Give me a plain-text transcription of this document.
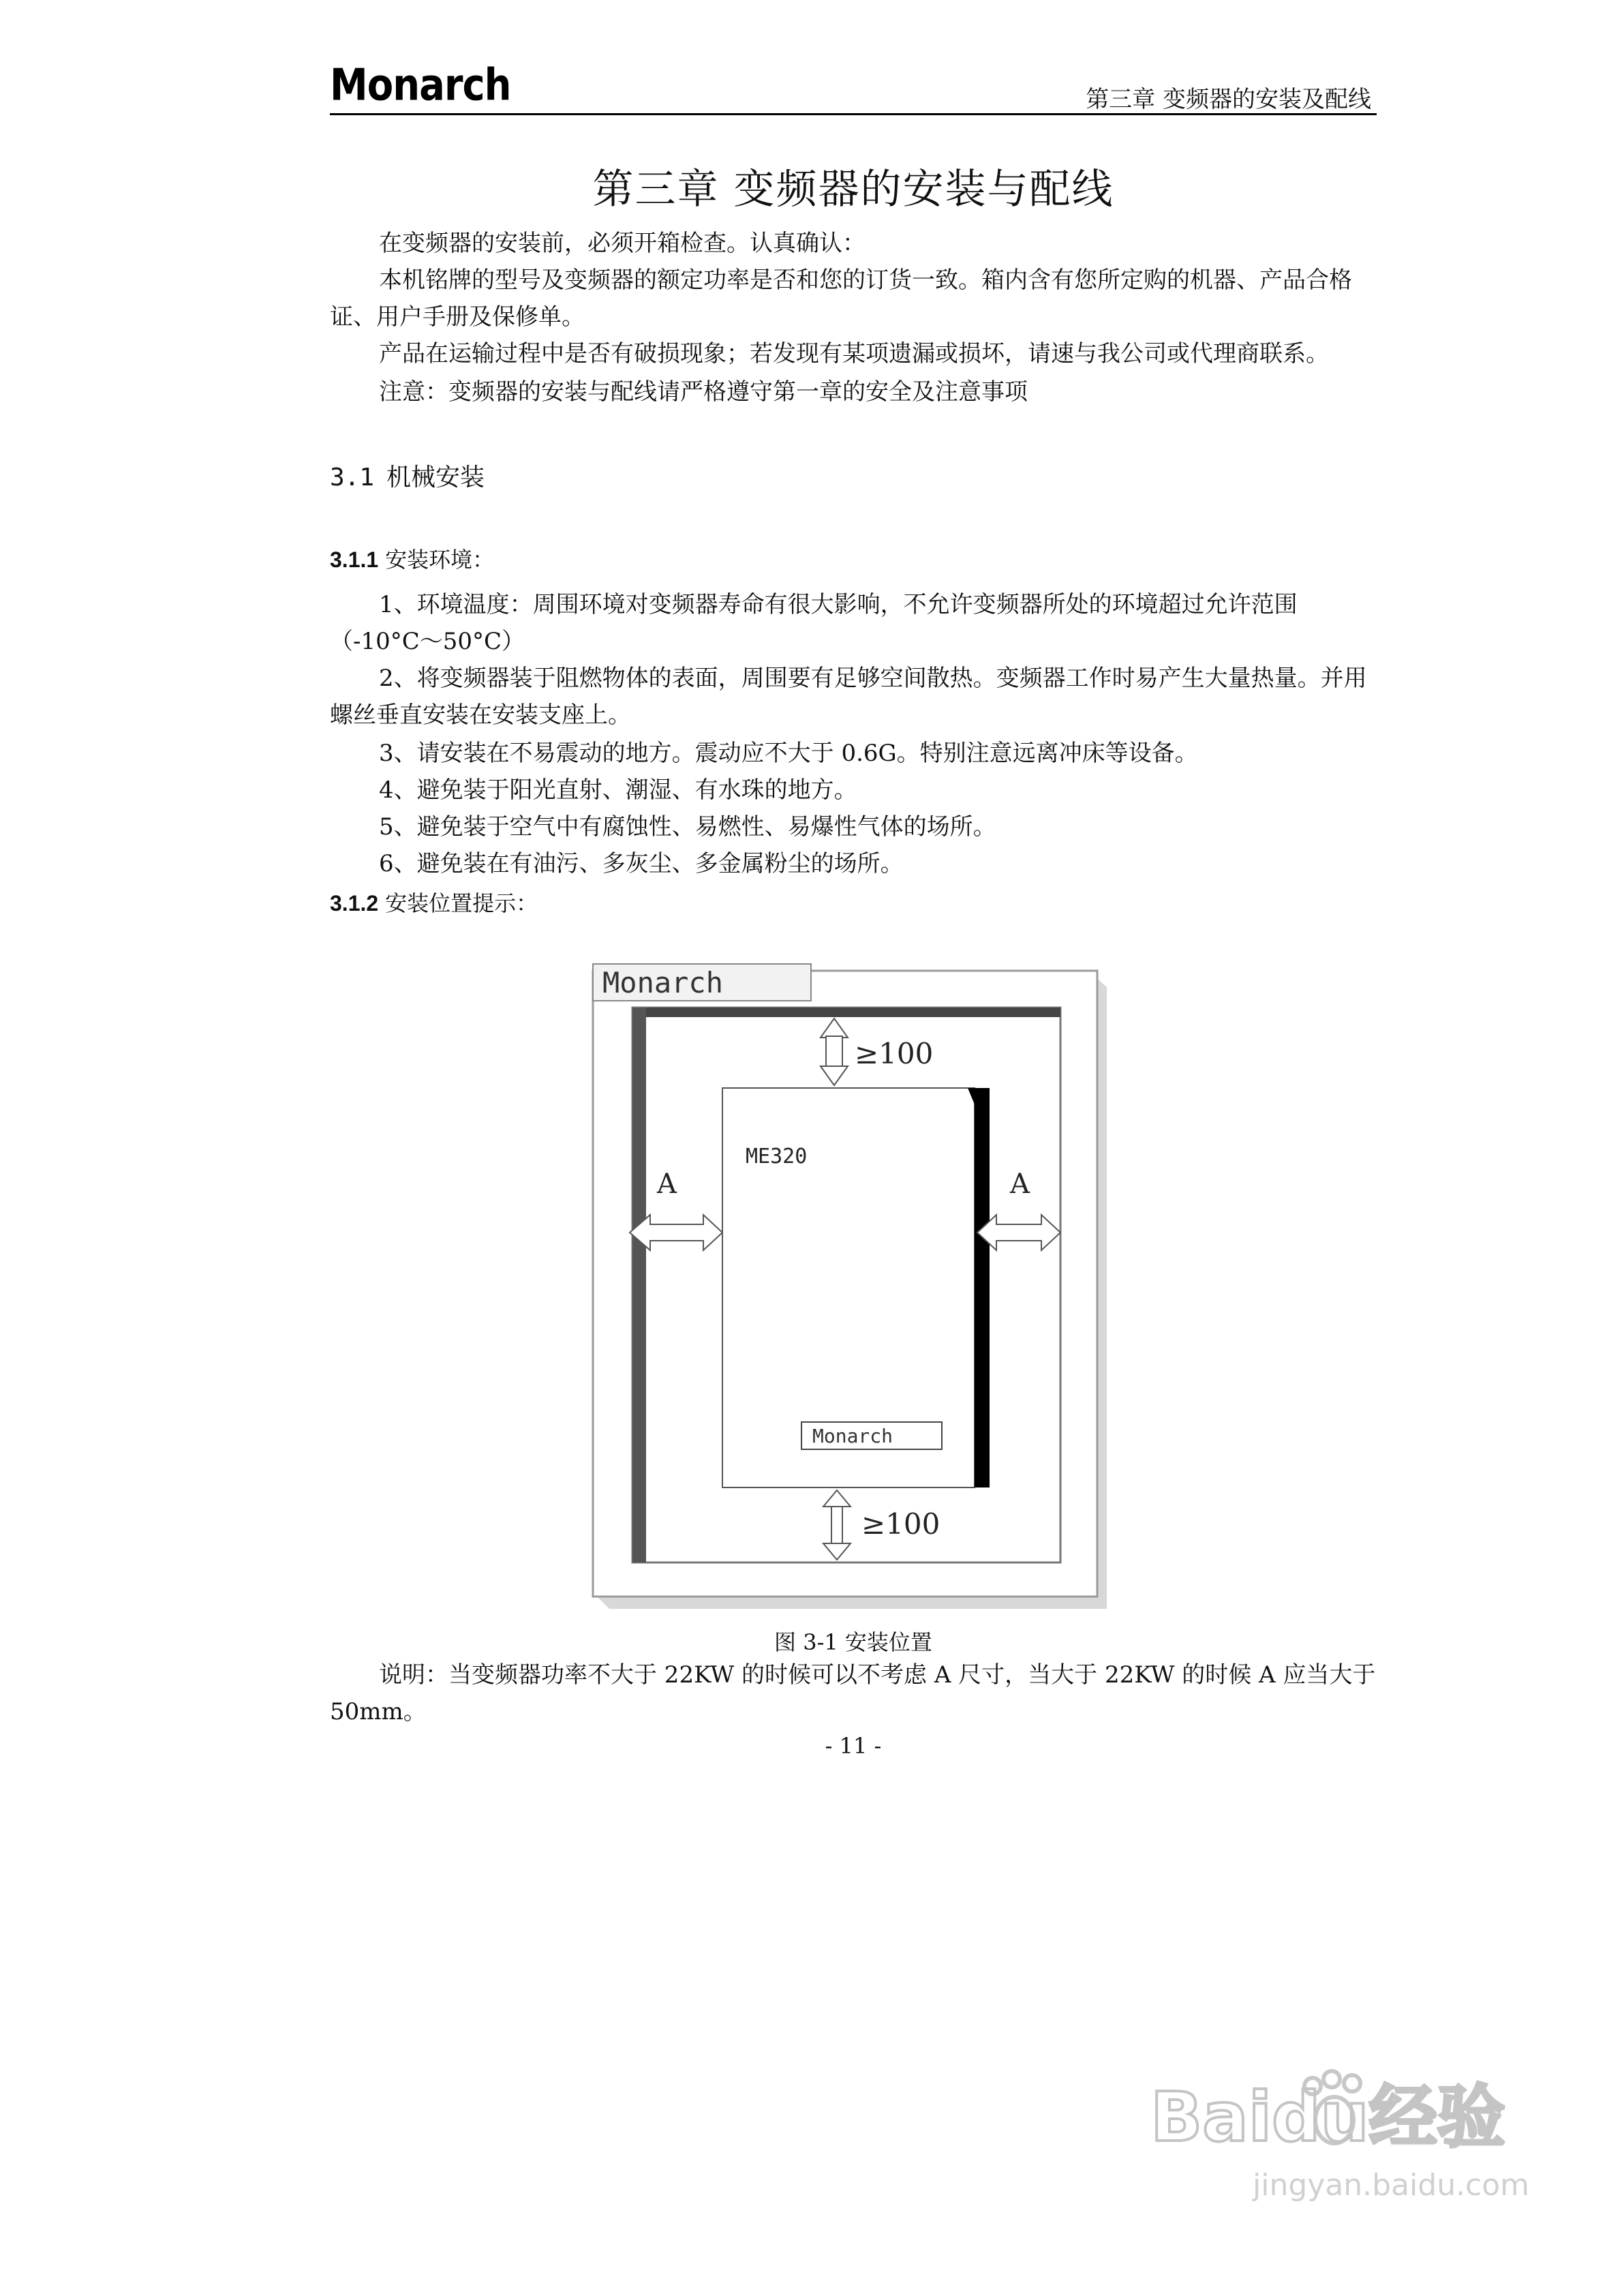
Monarch	第三章 变频器的安装及配线
第三章 变频器的安装与配线
在变频器的安装前，必须开箱检查。认真确认：
本机铭牌的型号及变频器的额定功率是否和您的订货一致。箱内含有您所定购的机器、产品合格证、用户手册及保修单。
产品在运输过程中是否有破损现象；若发现有某项遗漏或损坏，请速与我公司或代理商联系。
注意：变频器的安装与配线请严格遵守第一章的安全及注意事项
3.1 机械安装
3.1.1 安装环境：
1、环境温度：周围环境对变频器寿命有很大影响，不允许变频器所处的环境超过允许范围（-10°C～50°C）
2、将变频器装于阻燃物体的表面，周围要有足够空间散热。变频器工作时易产生大量热量。并用螺丝垂直安装在安装支座上。
3、请安装在不易震动的地方。震动应不大于 0.6G。特别注意远离冲床等设备。
4、避免装于阳光直射、潮湿、有水珠的地方。
5、避免装于空气中有腐蚀性、易燃性、易爆性气体的场所。
6、避免装在有油污、多灰尘、多金属粉尘的场所。
3.1.2 安装位置提示：
Monarch
≥100
ME320
Monarch
A	A
≥100
图 3-1 安装位置
说明：当变频器功率不大于 22KW 的时候可以不考虑 A 尺寸，当大于 22KW 的时候 A 应当大于 50mm。
- 11 -
Baidu经验
jingyan.baidu.com
